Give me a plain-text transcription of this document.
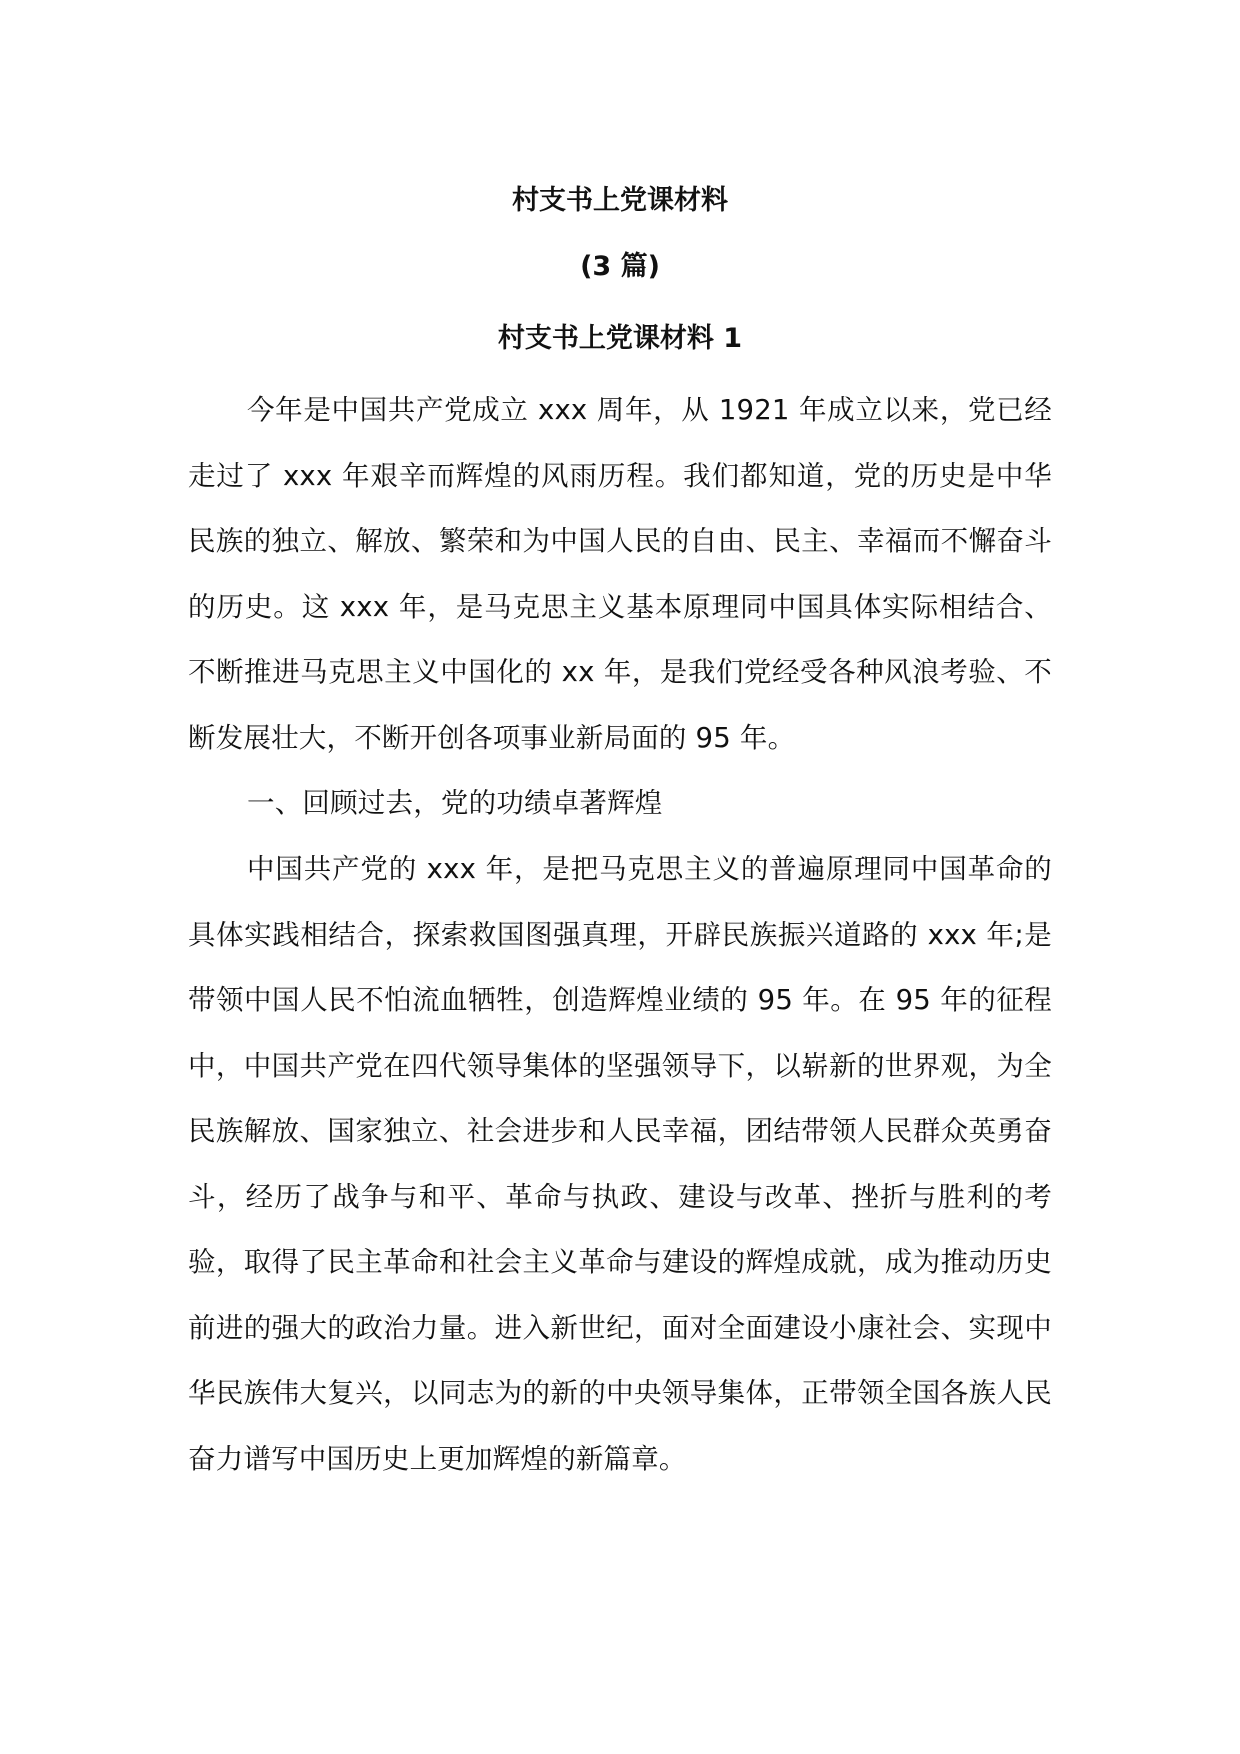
村支书上党课材料
(3 篇)
村支书上党课材料 1

今年是中国共产党成立 xxx 周年，从 1921 年成立以来，党已经走过了 xxx 年艰辛而辉煌的风雨历程。我们都知道，党的历史是中华民族的独立、解放、繁荣和为中国人民的自由、民主、幸福而不懈奋斗的历史。这 xxx 年，是马克思主义基本原理同中国具体实际相结合、不断推进马克思主义中国化的 xx 年，是我们党经受各种风浪考验、不断发展壮大，不断开创各项事业新局面的 95 年。

一、回顾过去，党的功绩卓著辉煌

中国共产党的 xxx 年，是把马克思主义的普遍原理同中国革命的具体实践相结合，探索救国图强真理，开辟民族振兴道路的 xxx 年;是带领中国人民不怕流血牺牲，创造辉煌业绩的 95 年。在 95 年的征程中，中国共产党在四代领导集体的坚强领导下，以崭新的世界观，为全民族解放、国家独立、社会进步和人民幸福，团结带领人民群众英勇奋斗，经历了战争与和平、革命与执政、建设与改革、挫折与胜利的考验，取得了民主革命和社会主义革命与建设的辉煌成就，成为推动历史前进的强大的政治力量。进入新世纪，面对全面建设小康社会、实现中华民族伟大复兴，以同志为的新的中央领导集体，正带领全国各族人民奋力谱写中国历史上更加辉煌的新篇章。
